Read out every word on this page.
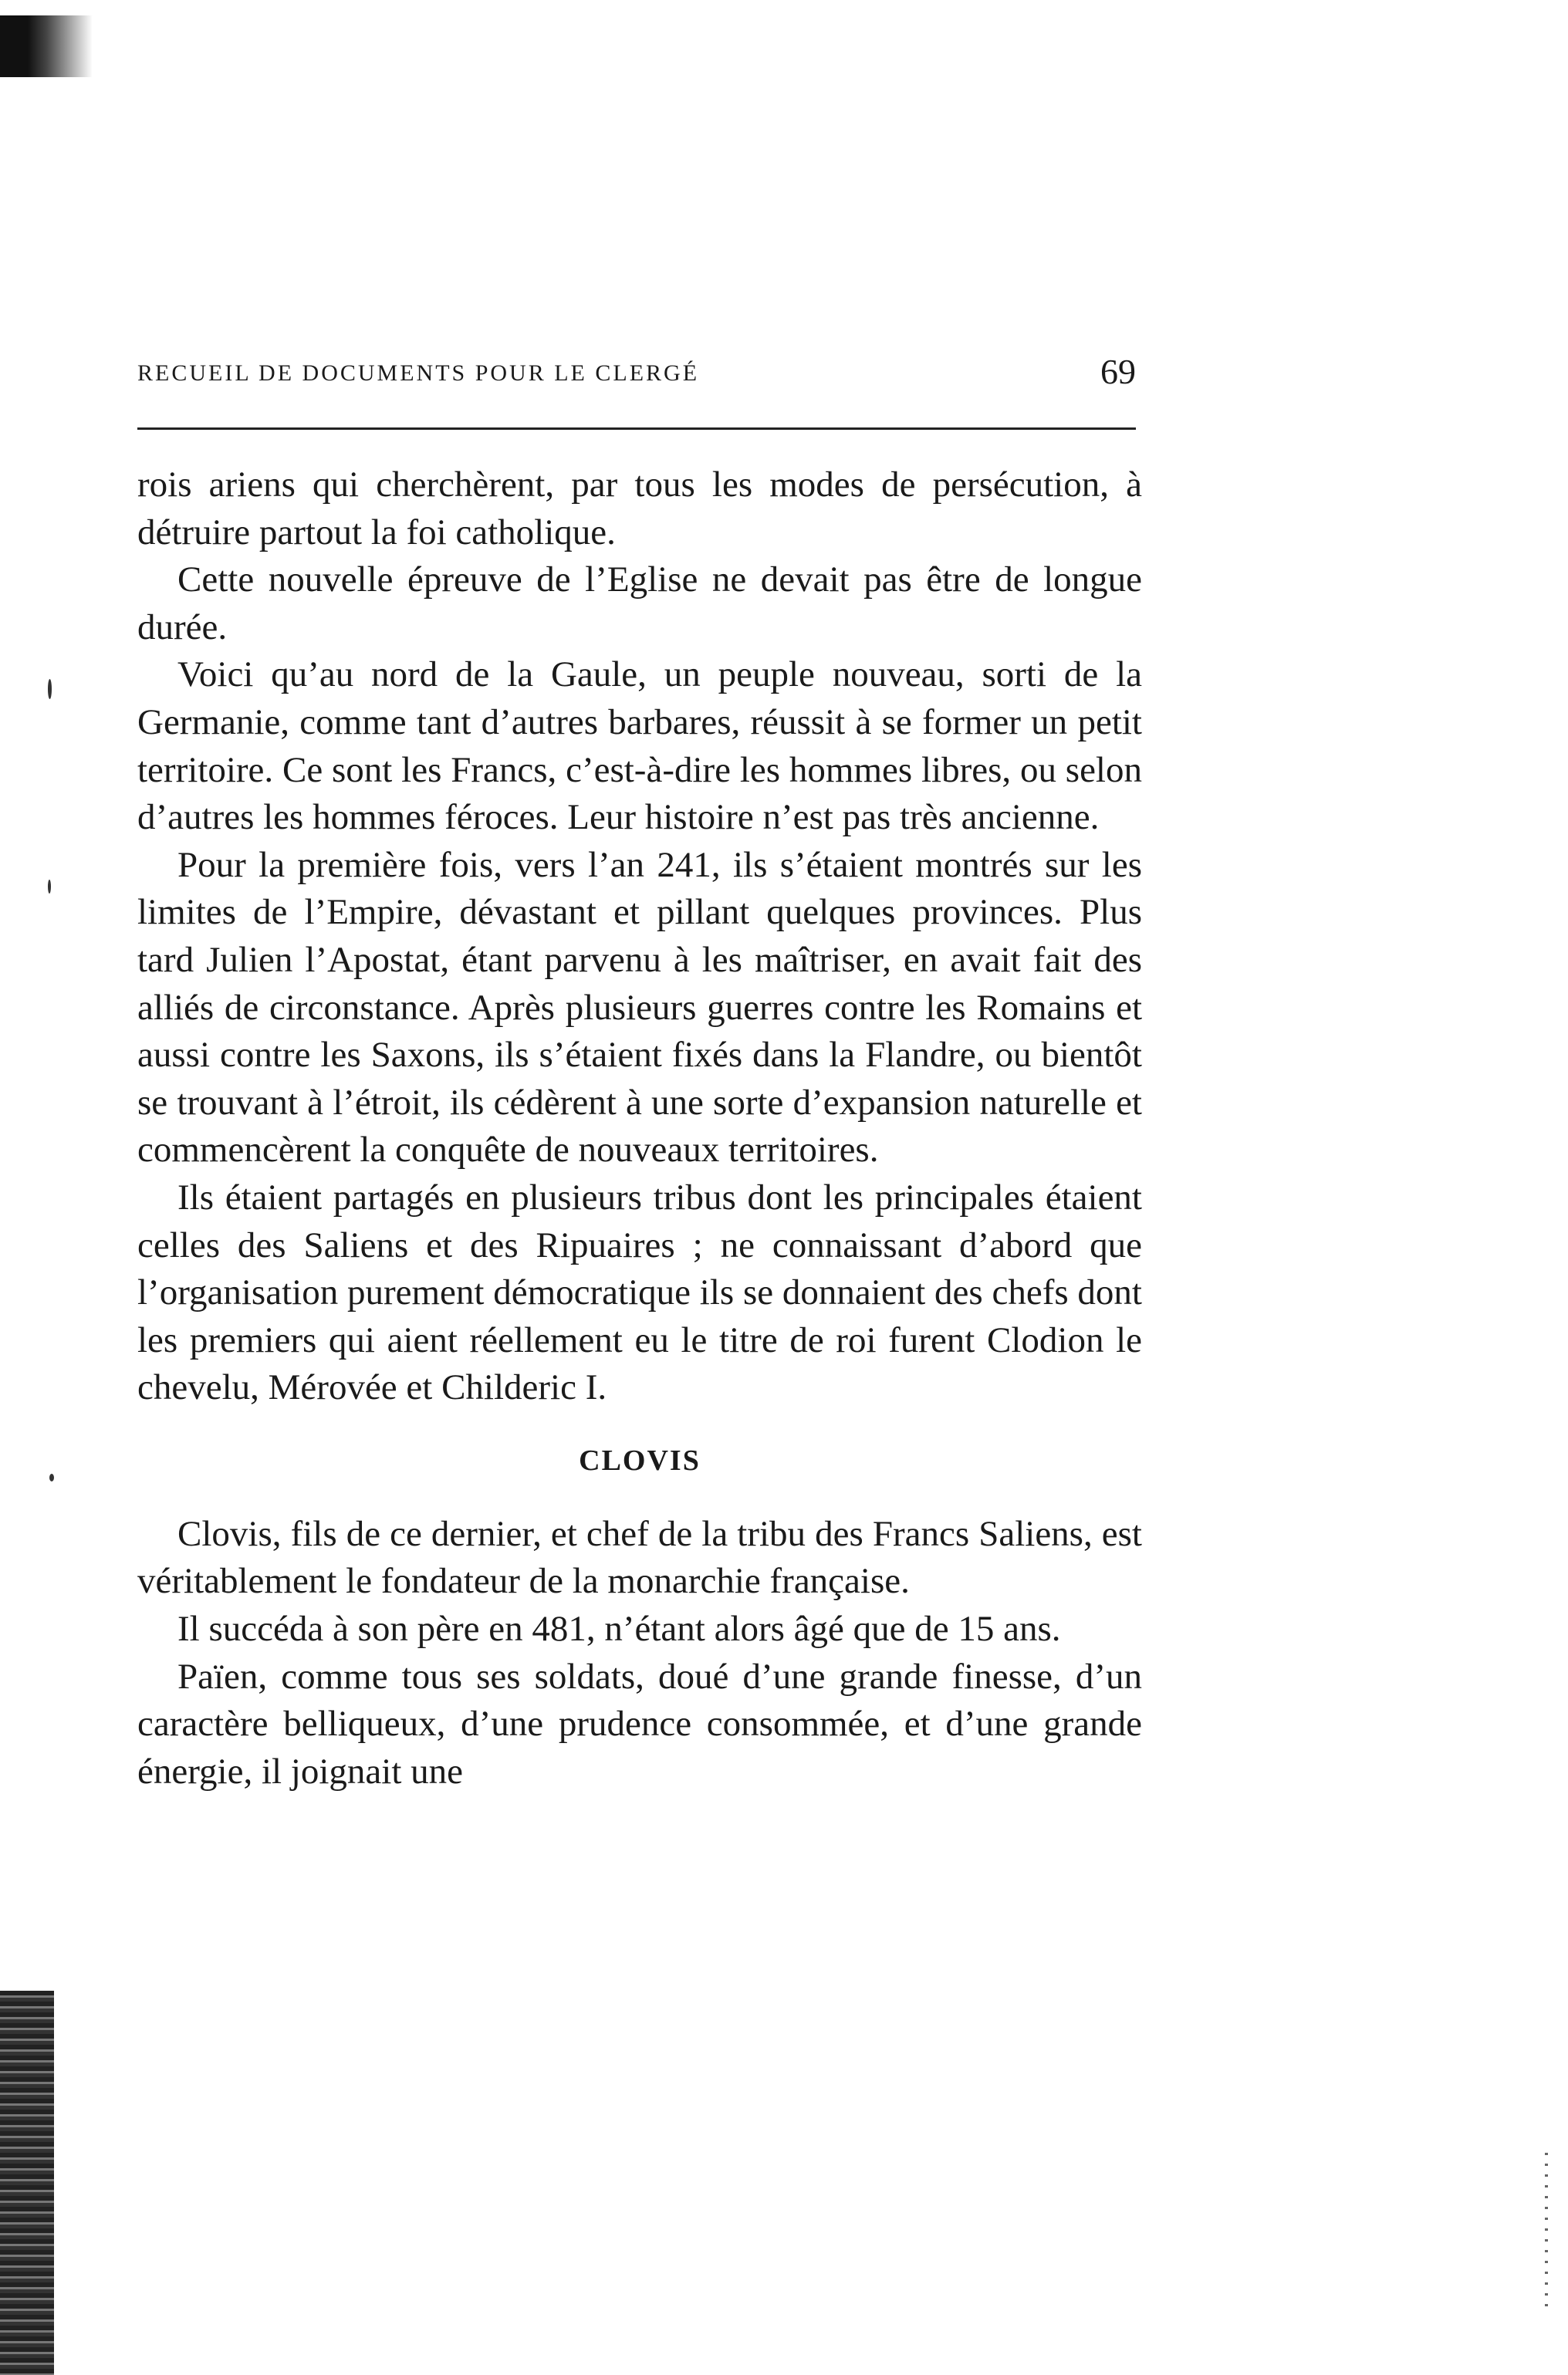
RECUEIL DE DOCUMENTS POUR LE CLERGÉ	69

rois ariens qui cherchèrent, par tous les modes de persécution, à détruire partout la foi catholique.

Cette nouvelle épreuve de l’Eglise ne devait pas être de longue durée.

Voici qu’au nord de la Gaule, un peuple nouveau, sorti de la Germanie, comme tant d’autres barbares, réussit à se former un petit territoire. Ce sont les Francs, c’est-à-dire les hommes libres, ou selon d’autres les hommes féroces. Leur histoire n’est pas très ancienne.

Pour la première fois, vers l’an 241, ils s’étaient montrés sur les limites de l’Empire, dévastant et pillant quelques provinces. Plus tard Julien l’Apostat, étant parvenu à les maîtriser, en avait fait des alliés de circonstance. Après plusieurs guerres contre les Romains et aussi contre les Saxons, ils s’étaient fixés dans la Flandre, ou bientôt se trouvant à l’étroit, ils cédèrent à une sorte d’expansion naturelle et commencèrent la conquête de nouveaux territoires.

Ils étaient partagés en plusieurs tribus dont les principales étaient celles des Saliens et des Ripuaires ; ne connaissant d’abord que l’organisation purement démocratique ils se donnaient des chefs dont les premiers qui aient réellement eu le titre de roi furent Clodion le chevelu, Mérovée et Childeric I.

CLOVIS

Clovis, fils de ce dernier, et chef de la tribu des Francs Saliens, est véritablement le fondateur de la monarchie française.

Il succéda à son père en 481, n’étant alors âgé que de 15 ans.

Païen, comme tous ses soldats, doué d’une grande finesse, d’un caractère belliqueux, d’une prudence consommée, et d’une grande énergie, il joignait une
